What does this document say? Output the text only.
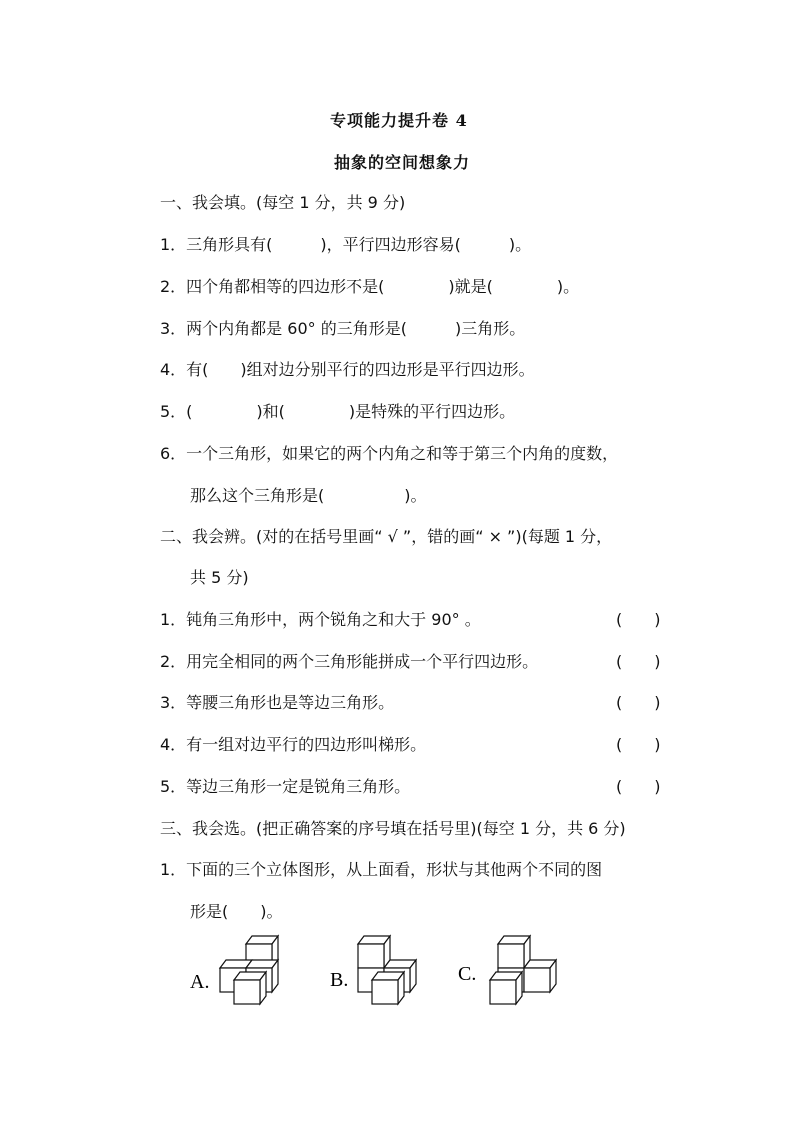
专项能力提升卷 4
抽象的空间想象力
一、我会填。(每空 1 分，共 9 分)
1．三角形具有(　　　)，平行四边形容易(　　　)。
2．四个角都相等的四边形不是(　　　　)就是(　　　　)。
3．两个内角都是 60° 的三角形是(　　　)三角形。
4．有(　　)组对边分别平行的四边形是平行四边形。
5．(　　　　)和(　　　　)是特殊的平行四边形。
6．一个三角形，如果它的两个内角之和等于第三个内角的度数，
那么这个三角形是(　　　　　)。
二、我会辨。(对的在括号里画“ √ ”，错的画“ × ”)(每题 1 分，
共 5 分)
1．钝角三角形中，两个锐角之和大于 90° 。	(　　)
2．用完全相同的两个三角形能拼成一个平行四边形。	(　　)
3．等腰三角形也是等边三角形。	(　　)
4．有一组对边平行的四边形叫梯形。	(　　)
5．等边三角形一定是锐角三角形。	(　　)
三、我会选。(把正确答案的序号填在括号里)(每空 1 分，共 6 分)
1．下面的三个立体图形，从上面看，形状与其他两个不同的图
形是(　　)。
A.	B.	C.
